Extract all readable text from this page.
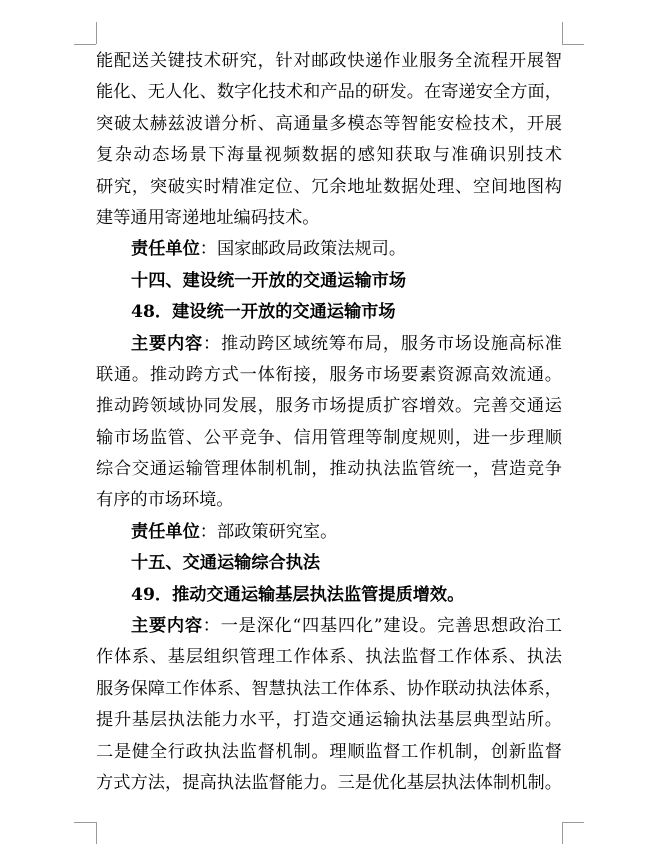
能配送关键技术研究，针对邮政快递作业服务全流程开展智
能化、无人化、数字化技术和产品的研发。在寄递安全方面，
突破太赫兹波谱分析、高通量多模态等智能安检技术，开展
复杂动态场景下海量视频数据的感知获取与准确识别技术
研究，突破实时精准定位、冗余地址数据处理、空间地图构
建等通用寄递地址编码技术。
责任单位：国家邮政局政策法规司。
十四、建设统一开放的交通运输市场
48．建设统一开放的交通运输市场
主要内容：推动跨区域统筹布局，服务市场设施高标准
联通。推动跨方式一体衔接，服务市场要素资源高效流通。
推动跨领域协同发展，服务市场提质扩容增效。完善交通运
输市场监管、公平竞争、信用管理等制度规则，进一步理顺
综合交通运输管理体制机制，推动执法监管统一，营造竞争
有序的市场环境。
责任单位：部政策研究室。
十五、交通运输综合执法
49．推动交通运输基层执法监管提质增效。
主要内容：一是深化“四基四化”建设。完善思想政治工
作体系、基层组织管理工作体系、执法监督工作体系、执法
服务保障工作体系、智慧执法工作体系、协作联动执法体系，
提升基层执法能力水平，打造交通运输执法基层典型站所。
二是健全行政执法监督机制。理顺监督工作机制，创新监督
方式方法，提高执法监督能力。三是优化基层执法体制机制。
